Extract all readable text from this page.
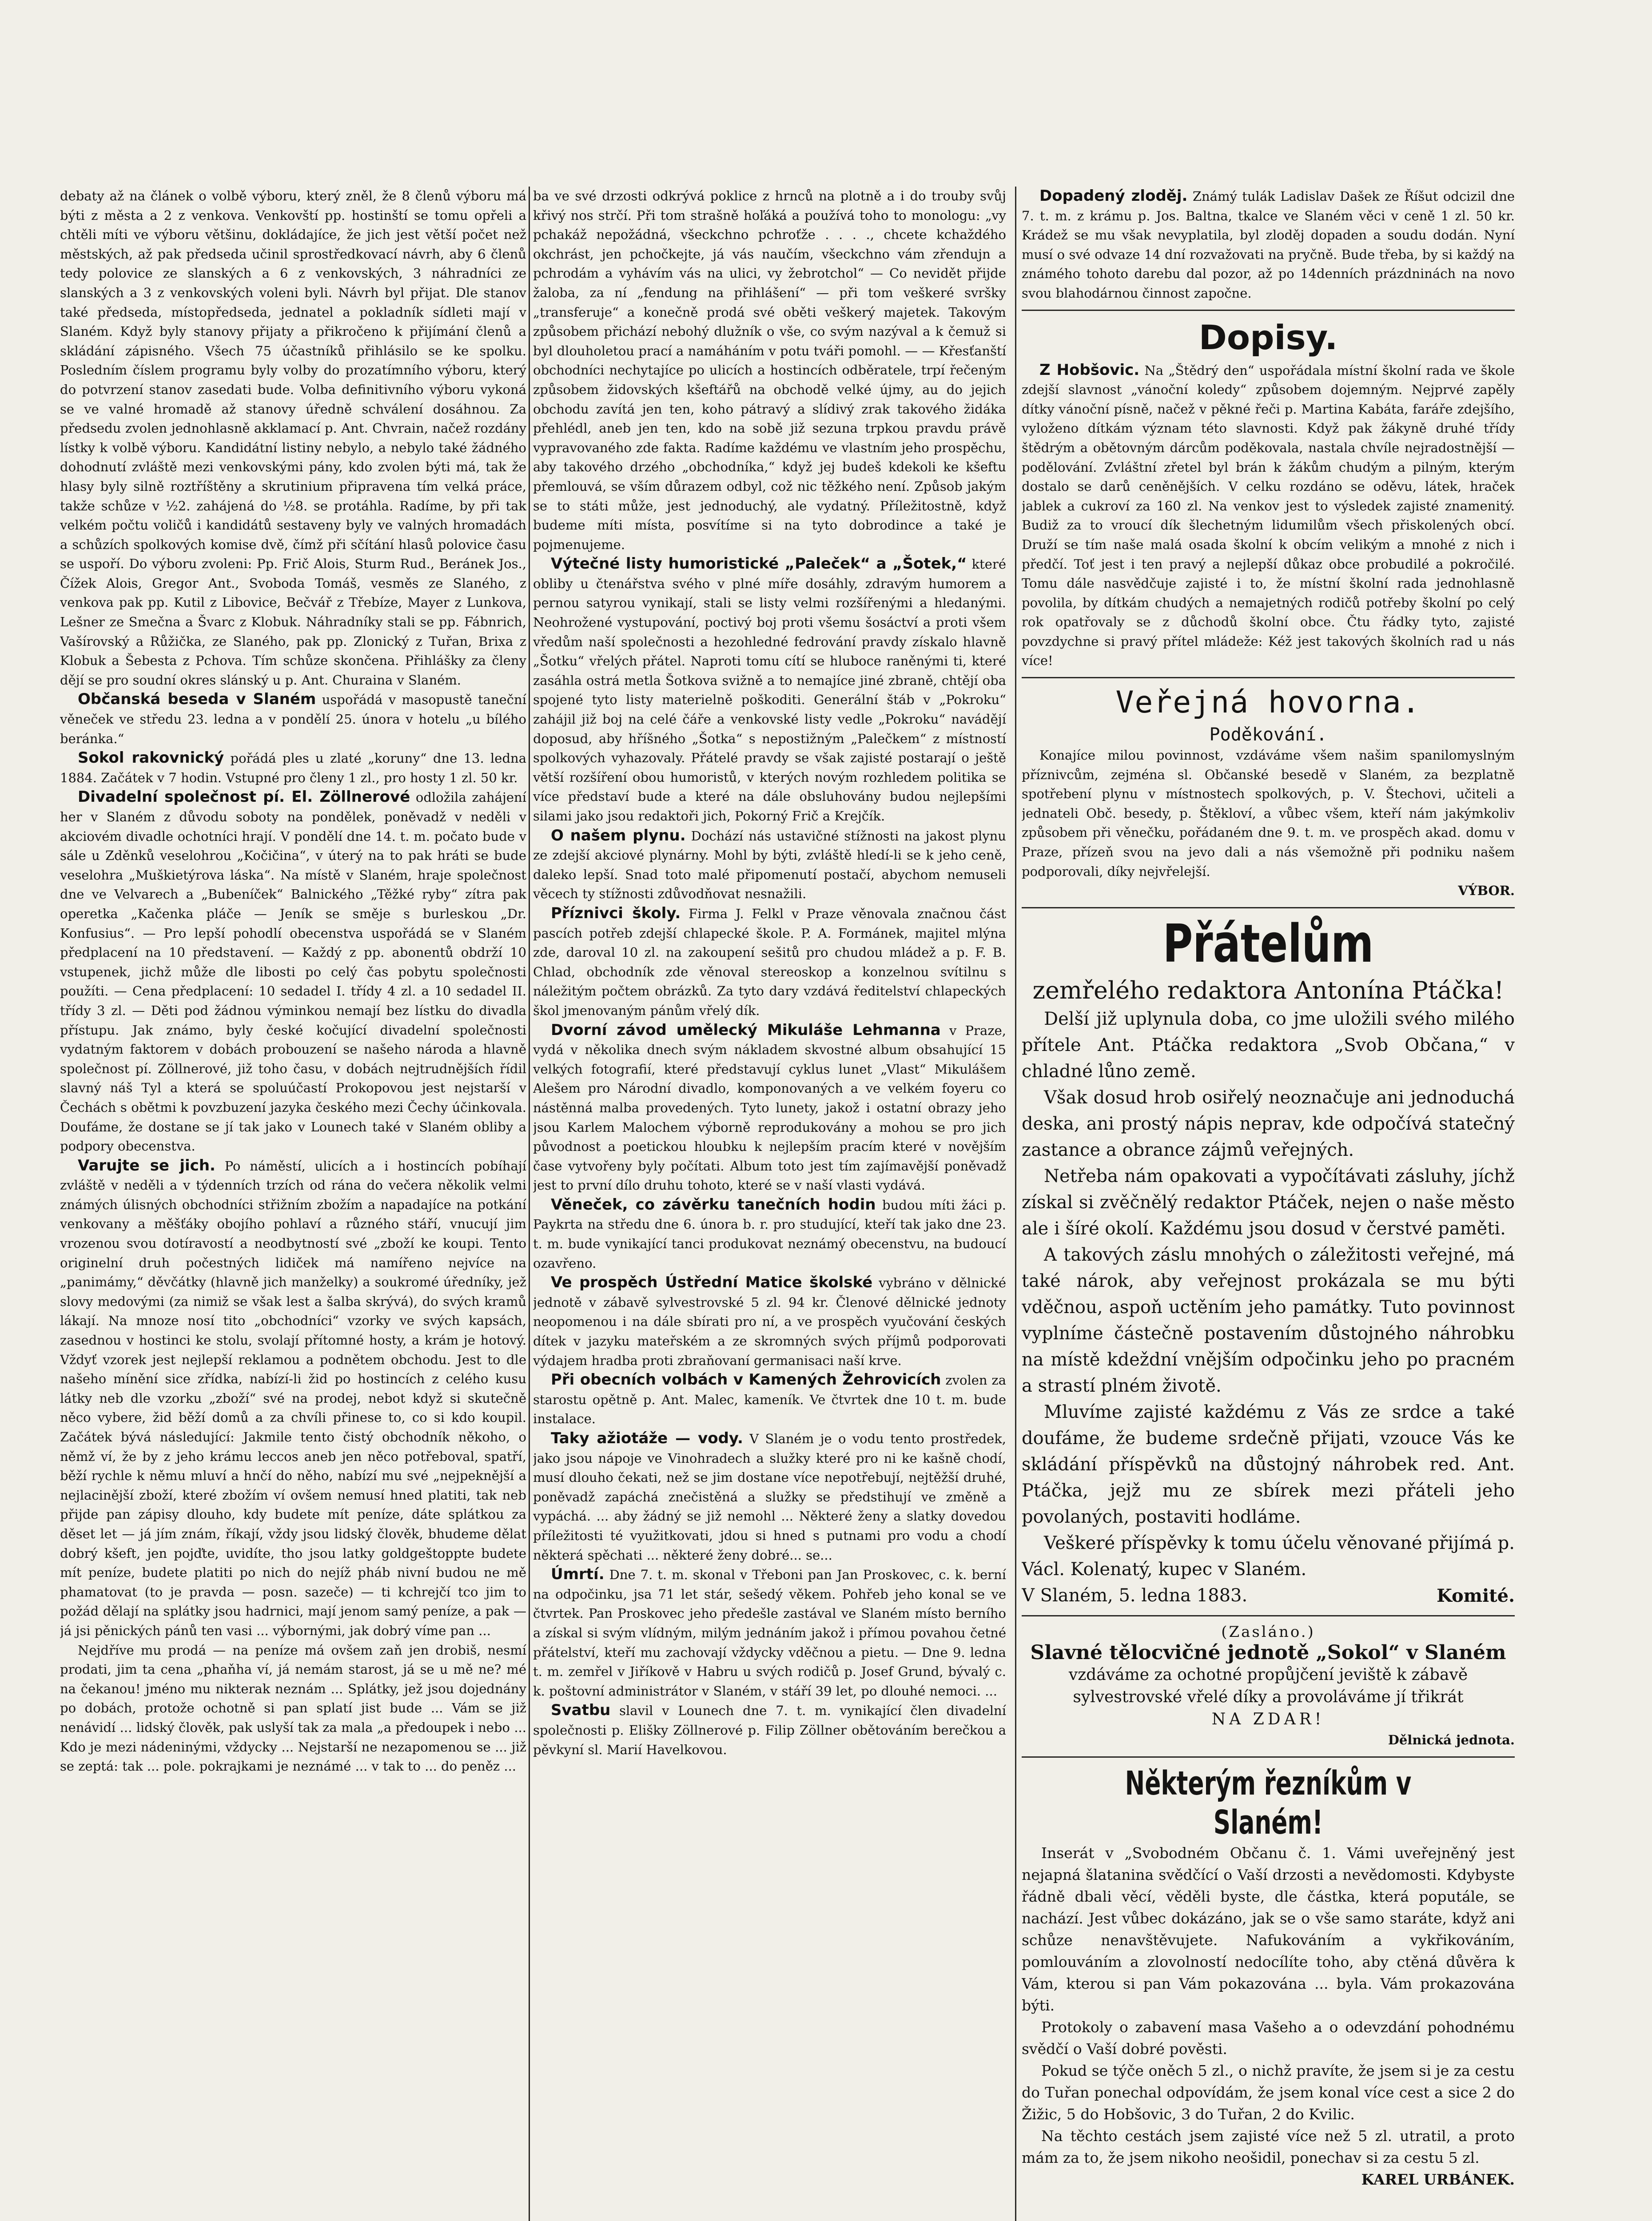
debaty až na článek o volbě výboru, který zněl, že 8 členů výboru má býti z města a 2 z venkova. Venkovští pp. hostinští se tomu opřeli a chtěli míti ve výboru většinu, dokládajíce, že jich jest větší počet než městských, až pak předseda učinil sprostředkovací návrh, aby 6 členů tedy polovice ze slanských a 6 z venkovských, 3 náhradníci ze slanských a 3 z venkovských voleni byli. Návrh byl přijat. Dle stanov také předseda, místopředseda, jednatel a pokladník sídleti mají v Slaném. Když byly stanovy přijaty a přikročeno k přijímání členů a skládání zápisného. Všech 75 účastníků přihlásilo se ke spolku. Posledním číslem programu byly volby do prozatímního výboru, který do potvrzení stanov zasedati bude. Volba definitivního výboru vykoná se ve valné hromadě až stanovy úředně schválení dosáhnou. Za předsedu zvolen jednohlasně akklamací p. Ant. Chvrain, načež rozdány lístky k volbě výboru. Kandidátní listiny nebylo, a nebylo také žádného dohodnutí zvláště mezi venkovskými pány, kdo zvolen býti má, tak že hlasy byly silně roztříštěny a skrutinium připravena tím velká práce, takže schůze v ½2. zahájená do ½8. se protáhla. Radíme, by při tak velkém počtu voličů i kandidátů sestaveny byly ve valných hromadách a schůzích spolkových komise dvě, čímž při sčítání hlasů polovice času se uspoří. Do výboru zvoleni: Pp. Frič Alois, Sturm Rud., Beránek Jos., Čížek Alois, Gregor Ant., Svoboda Tomáš, vesměs ze Slaného, z venkova pak pp. Kutil z Libovice, Bečvář z Třebíze, Mayer z Lunkova, Lešner ze Smečna a Švarc z Klobuk. Náhradníky stali se pp. Fábnrich, Vašírovský a Růžička, ze Slaného, pak pp. Zlonický z Tuřan, Brixa z Klobuk a Šebesta z Pchova. Tím schůze skončena. Přihlášky za členy dějí se pro soudní okres slánský u p. Ant. Churaina v Slaném.

Občanská beseda v Slaném uspořádá v masopustě taneční věneček ve středu 23. ledna a v pondělí 25. února v hotelu „u bílého beránka.“

Sokol rakovnický pořádá ples u zlaté „koruny“ dne 13. ledna 1884. Začátek v 7 hodin. Vstupné pro členy 1 zl., pro hosty 1 zl. 50 kr.

Divadelní společnost pí. El. Zöllnerové odložila zahájení her v Slaném z důvodu soboty na pondělek, poněvadž v neděli v akciovém divadle ochotníci hrají. V pondělí dne 14. t. m. počato bude v sále u Zděnků veselohrou „Kočičina“, v úterý na to pak hráti se bude veselohra „Muškietýrova láska“. Na místě v Slaném, hraje společnost dne ve Velvarech a „Bubeníček“ Balnického „Těžké ryby“ zítra pak operetka „Kačenka pláče — Jeník se směje s burleskou „Dr. Konfusius“. — Pro lepší pohodlí obecenstva uspořádá se v Slaném předplacení na 10 představení. — Každý z pp. abonentů obdrží 10 vstupenek, jichž může dle libosti po celý čas pobytu společnosti použíti. — Cena předplacení: 10 sedadel I. třídy 4 zl. a 10 sedadel II. třídy 3 zl. — Děti pod žádnou výminkou nemají bez lístku do divadla přístupu. Jak známo, byly české kočující divadelní společnosti vydatným faktorem v dobách probouzení se našeho národa a hlavně společnost pí. Zöllnerové, již toho času, v dobách nejtrudnějších řídil slavný náš Tyl a která se spoluúčastí Prokopovou jest nejstarší v Čechách s obětmi k povzbuzení jazyka českého mezi Čechy účinkovala. Doufáme, že dostane se jí tak jako v Lounech také v Slaném obliby a podpory obecenstva.

Varujte se jich. Po náměstí, ulicích a i hostincích pobíhají zvláště v neděli a v týdenních trzích od rána do večera několik velmi známých úlisných obchodníci střižním zbožím a napadajíce na potkání venkovany a měšťáky obojího pohlaví a různého stáří, vnucují jim vrozenou svou dotíravostí a neodbytností své „zboží ke koupi. Tento originelní druh počestných lidiček má namířeno nejvíce na „panimámy,“ děvčátky (hlavně jich manželky) a soukromé úředníky, jež slovy medovými (za nimiž se však lest a šalba skrývá), do svých kramů lákají. Na mnoze nosí tito „obchodníci“ vzorky ve svých kapsách, zasednou v hostinci ke stolu, svolají přítomné hosty, a krám je hotový. Vždyť vzorek jest nejlepší reklamou a podnětem obchodu. Jest to dle našeho mínění sice zřídka, nabízí-li žid po hostincích z celého kusu látky neb dle vzorku „zboží“ své na prodej, nebot když si skutečně něco vybere, žid běží domů a za chvíli přinese to, co si kdo koupil. Začátek bývá následující: Jakmile tento čistý obchodník někoho, o němž ví, že by z jeho krámu leccos aneb jen něco potřeboval, spatří, běží rychle k němu mluví a hnčí do něho, nabízí mu své „nejpeknější a nejlacinější zboží, které zbožím ví ovšem nemusí hned platiti, tak neb přijde pan zápisy dlouho, kdy budete mít peníze, dáte splátkou za děset let — já jím znám, říkají, vždy jsou lidský člověk, bhudeme dělat dobrý kšeft, jen pojďte, uvidíte, tho jsou latky goldgeštoppte budete mít peníze, budete platiti po nich do nejíž pháb nivní budou ne mě phamatovat (to je pravda — posn. sazeče) — ti kchrejčí tco jim to požád dělají na splátky jsou hadrnici, mají jenom samý peníze, a pak — já jsi pěnických pánů ten vasi ... výbornými, jak dobrý víme pan ...

Nejdříve mu prodá — na peníze má ovšem zaň jen drobiš, nesmí prodati, jim ta cena „phaňha ví, já nemám starost, já se u mě ne? mé na čekanou! jméno mu nikterak neznám ... Splátky, jež jsou dojednány po dobách, protože ochotně si pan splatí jist bude ... Vám se již nenávidí ... lidský člověk, pak uslyší tak za mala „a předoupek i nebo ... Kdo je mezi nádeninými, vždycky ... Nejstarší ne nezapomenou se ... již se zeptá: tak ... pole. pokrajkami je neznámé ... v tak to ... do peněz ...

ba ve své drzosti odkrývá poklice z hrnců na plotně a i do trouby svůj křivý nos strčí. Při tom strašně hoľáká a používá toho to monologu: „vy pchakáž nepožádná, všeckchno pchroťže . . . ., chcete kchaždého okchrást, jen pchočkejte, já vás naučím, všeckchno vám zřendujn a pchrodám a vyhávím vás na ulici, vy žebrotchol“ — Co nevidět přijde žaloba, za ní „fendung na přihlášení“ — při tom veškeré svršky „transferuje“ a konečně prodá své oběti veškerý majetek. Takovým způsobem přichází nebohý dlužník o vše, co svým nazýval a k čemuž si byl dlouholetou prací a namáháním v potu tváři pomohl. — — Křesťanští obchodníci nechytajíce po ulicích a hostincích odběratele, trpí řečeným způsobem židovských kšeftářů na obchodě velké újmy, au do jejich obchodu zavítá jen ten, koho pátravý a slídivý zrak takového židáka přehlédl, aneb jen ten, kdo na sobě již sezuna trpkou pravdu právě vypravovaného zde fakta. Radíme každému ve vlastním jeho prospěchu, aby takového drzého „obchodníka,“ když jej budeš kdekoli ke kšeftu přemlouvá, se vším důrazem odbyl, což nic těžkého není. Způsob jakým se to státi může, jest jednoduchý, ale vydatný. Příležitostně, když budeme míti místa, posvítíme si na tyto dobrodince a také je pojmenujeme.

Výtečné listy humoristické „Paleček“ a „Šotek,“ které obliby u čtenářstva svého v plné míře dosáhly, zdravým humorem a pernou satyrou vynikají, stali se listy velmi rozšířenými a hledanými. Neohrožené vystupování, poctivý boj proti všemu šosáctví a proti všem vředům naší společnosti a hezohledné fedrování pravdy získalo hlavně „Šotku“ vřelých přátel. Naproti tomu cítí se hluboce raněnými ti, které zasáhla ostrá metla Šotkova svižně a to nemajíce jiné zbraně, chtějí oba spojené tyto listy materielně poškoditi. Generální štáb v „Pokroku“ zahájil již boj na celé čáře a venkovské listy vedle „Pokroku“ navádějí doposud, aby hříšného „Šotka“ s nepostižným „Palečkem“ z místností spolkových vyhazovaly. Přátelé pravdy se však zajisté postarají o ještě větší rozšíření obou humoristů, v kterých novým rozhledem politika se více představí bude a které na dále obsluhovány budou nejlepšími silami jako jsou redaktoři jich, Pokorný Frič a Krejčík.

O našem plynu. Dochází nás ustavičné stížnosti na jakost plynu ze zdejší akciové plynárny. Mohl by býti, zvláště hledí-li se k jeho ceně, daleko lepší. Snad toto malé připomenutí postačí, abychom nemuseli věcech ty stížnosti zdůvodňovat nesnažili.

Příznivci školy. Firma J. Felkl v Praze věnovala značnou část pascích potřeb zdejší chlapecké škole. P. A. Formánek, majitel mlýna zde, daroval 10 zl. na zakoupení sešitů pro chudou mládež a p. F. B. Chlad, obchodník zde věnoval stereoskop a konzelnou svítilnu s náležitým počtem obrázků. Za tyto dary vzdává ředitelství chlapeckých škol jmenovaným pánům vřelý dík.

Dvorní závod umělecký Mikuláše Lehmanna v Praze, vydá v několika dnech svým nákladem skvostné album obsahující 15 velkých fotografií, které představují cyklus lunet „Vlast“ Mikulášem Alešem pro Národní divadlo, komponovaných a ve velkém foyeru co nástěnná malba provedených. Tyto lunety, jakož i ostatní obrazy jeho jsou Karlem Malochem výborně reprodukovány a mohou se pro jich původnost a poetickou hloubku k nejlepším pracím které v novějším čase vytvořeny byly počítati. Album toto jest tím zajímavější poněvadž jest to první dílo druhu tohoto, které se v naší vlasti vydává.

Věneček, co závěrku tanečních hodin budou míti žáci p. Paykrta na středu dne 6. února b. r. pro studující, kteří tak jako dne 23. t. m. bude vynikající tanci produkovat neznámý obecenstvu, na budoucí ozavřeno.

Ve prospěch Ústřední Matice školské vybráno v dělnické jednotě v zábavě sylvestrovské 5 zl. 94 kr. Členové dělnické jednoty neopomenou i na dále sbírati pro ní, a ve prospěch vyučování českých dítek v jazyku mateřském a ze skromných svých příjmů podporovati výdajem hradba proti zbraňovaní germanisaci naší krve.

Při obecních volbách v Kamených Žehrovicích zvolen za starostu opětně p. Ant. Malec, kameník. Ve čtvrtek dne 10 t. m. bude instalace.

Taky ažiotáže — vody. V Slaném je o vodu tento prostředek, jako jsou nápoje ve Vinohradech a služky které pro ni ke kašně chodí, musí dlouho čekati, než se jim dostane více nepotřebují, nejtěžší druhé, poněvadž zapáchá znečistěná a služky se předstihují ve změně a vypáchá. ... aby žádný se již nemohl ... Některé ženy a slatky dovedou příležitosti té využitkovati, jdou si hned s putnami pro vodu a chodí některá spěchati ... některé ženy dobré... se...

Úmrtí. Dne 7. t. m. skonal v Třeboni pan Jan Proskovec, c. k. berní na odpočinku, jsa 71 let stár, sešedý věkem. Pohřeb jeho konal se ve čtvrtek. Pan Proskovec jeho předešle zastával ve Slaném místo berního a získal si svým vlídným, milým jednáním jakož i přímou povahou četné přátelství, kteří mu zachovají vždycky vděčnou a pietu. — Dne 9. ledna t. m. zemřel v Jiříkově v Habru u svých rodičů p. Josef Grund, bývalý c. k. poštovní administrátor v Slaném, v stáří 39 let, po dlouhé nemoci. ...

Svatbu slavil v Lounech dne 7. t. m. vynikající člen divadelní společnosti p. Elišky Zöllnerové p. Filip Zöllner obětováním berečkou a pěvkyní sl. Marií Havelkovou.

Dopadený zloděj. Známý tulák Ladislav Dašek ze Říšut odcizil dne 7. t. m. z krámu p. Jos. Baltna, tkalce ve Slaném věci v ceně 1 zl. 50 kr. Krádež se mu však nevyplatila, byl zloděj dopaden a soudu dodán. Nyní musí o své odvaze 14 dní rozvažovati na pryčně. Bude třeba, by si každý na známého tohoto darebu dal pozor, až po 14denních prázdninách na novo svou blahodárnou činnost započne.

Dopisy.

Z Hobšovic. Na „Štědrý den“ uspořádala místní školní rada ve škole zdejší slavnost „vánoční koledy“ způsobem dojemným. Nejprvé zapěly dítky vánoční písně, načež v pěkné řeči p. Martina Kabáta, faráře zdejšího, vyloženo dítkám význam této slavnosti. Když pak žákyně druhé třídy štědrým a obětovným dárcům poděkovala, nastala chvíle nejradostnější — podělování. Zvláštní zřetel byl brán k žákům chudým a pilným, kterým dostalo se darů ceněnějších. V celku rozdáno se oděvu, látek, hraček jablek a cukroví za 160 zl. Na venkov jest to výsledek zajisté znamenitý. Budiž za to vroucí dík šlechetným lidumilům všech přiskolených obcí. Druží se tím naše malá osada školní k obcím velikým a mnohé z nich i předčí. Toť jest i ten pravý a nejlepší důkaz obce probudilé a pokročilé. Tomu dále nasvědčuje zajisté i to, že místní školní rada jednohlasně povolila, by dítkám chudých a nemajetných rodičů potřeby školní po celý rok opatřovaly se z důchodů školní obce. Čtu řádky tyto, zajisté povzdychne si pravý přítel mládeže: Kéž jest takových školních rad u nás více!

Veřejná hovorna.
Poděkování.

Konajíce milou povinnost, vzdáváme všem našim spanilomyslným příznivcům, zejména sl. Občanské besedě v Slaném, za bezplatně spotřebení plynu v místnostech spolkových, p. V. Štechovi, učiteli a jednateli Obč. besedy, p. Štěkloví, a vůbec všem, kteří nám jakýmkoliv způsobem při věnečku, pořádaném dne 9. t. m. ve prospěch akad. domu v Praze, přízeň svou na jevo dali a nás všemožně při podniku našem podporovali, díky nejvřelejší.

VÝBOR.
Přátelům
zemřelého redaktora Antonína Ptáčka!

Delší již uplynula doba, co jme uložili svého milého přítele Ant. Ptáčka redaktora „Svob Občana,“ v chladné lůno země.

Však dosud hrob osiřelý neoznačuje ani jednoduchá deska, ani prostý nápis neprav, kde odpočívá statečný zastance a obrance zájmů veřejných.

Netřeba nám opakovati a vypočítávati zásluhy, jíchž získal si zvěčnělý redaktor Ptáček, nejen o naše město ale i šíré okolí. Každému jsou dosud v čerstvé paměti.

A takových záslu mnohých o záležitosti veřejné, má také nárok, aby veřejnost prokázala se mu býti vděčnou, aspoň uctěním jeho památky. Tuto povinnost vyplníme částečně postavením důstojného náhrobku na místě kdeždní vnějším odpočinku jeho po pracném a strastí plném životě.

Mluvíme zajisté každému z Vás ze srdce a také doufáme, že budeme srdečně přijati, vzouce Vás ke skládání příspěvků na důstojný náhrobek red. Ant. Ptáčka, jejž mu ze sbírek mezi přáteli jeho povolaných, postaviti hodláme.

Veškeré příspěvky k tomu účelu věnované přijímá p. Václ. Kolenatý, kupec v Slaném.

V Slaném, 5. ledna 1883.	Komité.
(Zasláno.)
Slavné tělocvičné jednotě „Sokol“ v Slaném
vzdáváme za ochotné propůjčení jeviště k zábavě sylvestrovské vřelé díky a provoláváme jí třikrát
NA ZDAR!
Dělnická jednota.
Některým řezníkům v Slaném!

Inserát v „Svobodném Občanu č. 1. Vámi uveřejněný jest nejapná šlatanina svědčící o Vaší drzosti a nevědomosti. Kdybyste řádně dbali věcí, věděli byste, dle částka, která poputále, se nachází. Jest vůbec dokázáno, jak se o vše samo staráte, když ani schůze nenavštěvujete. Nafukováním a vykřikováním, pomlouváním a zlovolností nedocílíte toho, aby ctěná důvěra k Vám, kterou si pan Vám pokazována ... byla. Vám prokazována býti.

Protokoly o zabavení masa Vašeho a o odevzdání pohodnému svědčí o Vaší dobré pověsti.

Pokud se týče oněch 5 zl., o nichž pravíte, že jsem si je za cestu do Tuřan ponechal odpovídám, že jsem konal více cest a sice 2 do Žižic, 5 do Hobšovic, 3 do Tuřan, 2 do Kvilic.

Na těchto cestách jsem zajisté více než 5 zl. utratil, a proto mám za to, že jsem nikoho neošidil, ponechav si za cestu 5 zl.

KAREL URBÁNEK.
